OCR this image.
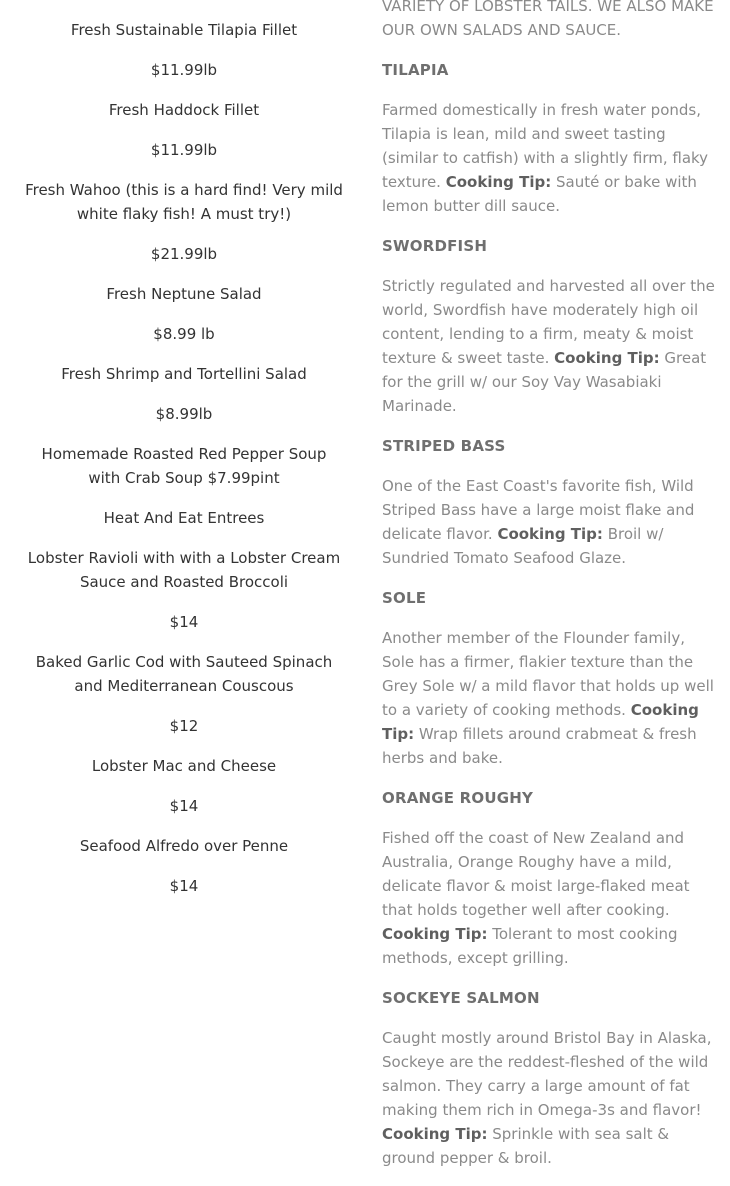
Fresh Sustainable Tilapia Fillet
$11.99lb
Fresh Haddock Fillet
$11.99lb
Fresh Wahoo (this is a hard find! Very mild white flaky fish! A must try!)
$21.99lb
Fresh Neptune Salad
$8.99 lb
Fresh Shrimp and Tortellini Salad
$8.99lb
Homemade Roasted Red Pepper Soup with Crab Soup $7.99pint
Heat And Eat Entrees
Lobster Ravioli with with a Lobster Cream Sauce and Roasted Broccoli
$14
Baked Garlic Cod with Sauteed Spinach and Mediterranean Couscous
$12
Lobster Mac and Cheese
$14
Seafood Alfredo over Penne
$14

VARIETY OF LOBSTER TAILS. WE ALSO MAKE OUR OWN SALADS AND SAUCE.

TILAPIA

Farmed domestically in fresh water ponds, Tilapia is lean, mild and sweet tasting (similar to catfish) with a slightly firm, flaky texture. Cooking Tip: Sauté or bake with lemon butter dill sauce.

SWORDFISH

Strictly regulated and harvested all over the world, Swordfish have moderately high oil content, lending to a firm, meaty & moist texture & sweet taste. Cooking Tip: Great for the grill w/ our Soy Vay Wasabiaki Marinade.

STRIPED BASS

One of the East Coast's favorite fish, Wild Striped Bass have a large moist flake and delicate flavor. Cooking Tip: Broil w/ Sundried Tomato Seafood Glaze.

SOLE

Another member of the Flounder family, Sole has a firmer, flakier texture than the Grey Sole w/ a mild flavor that holds up well to a variety of cooking methods. Cooking Tip: Wrap fillets around crabmeat & fresh herbs and bake.

ORANGE ROUGHY

Fished off the coast of New Zealand and Australia, Orange Roughy have a mild, delicate flavor & moist large-flaked meat that holds together well after cooking. Cooking Tip: Tolerant to most cooking methods, except grilling.

SOCKEYE SALMON

Caught mostly around Bristol Bay in Alaska, Sockeye are the reddest-fleshed of the wild salmon. They carry a large amount of fat making them rich in Omega-3s and flavor! Cooking Tip: Sprinkle with sea salt & ground pepper & broil.
